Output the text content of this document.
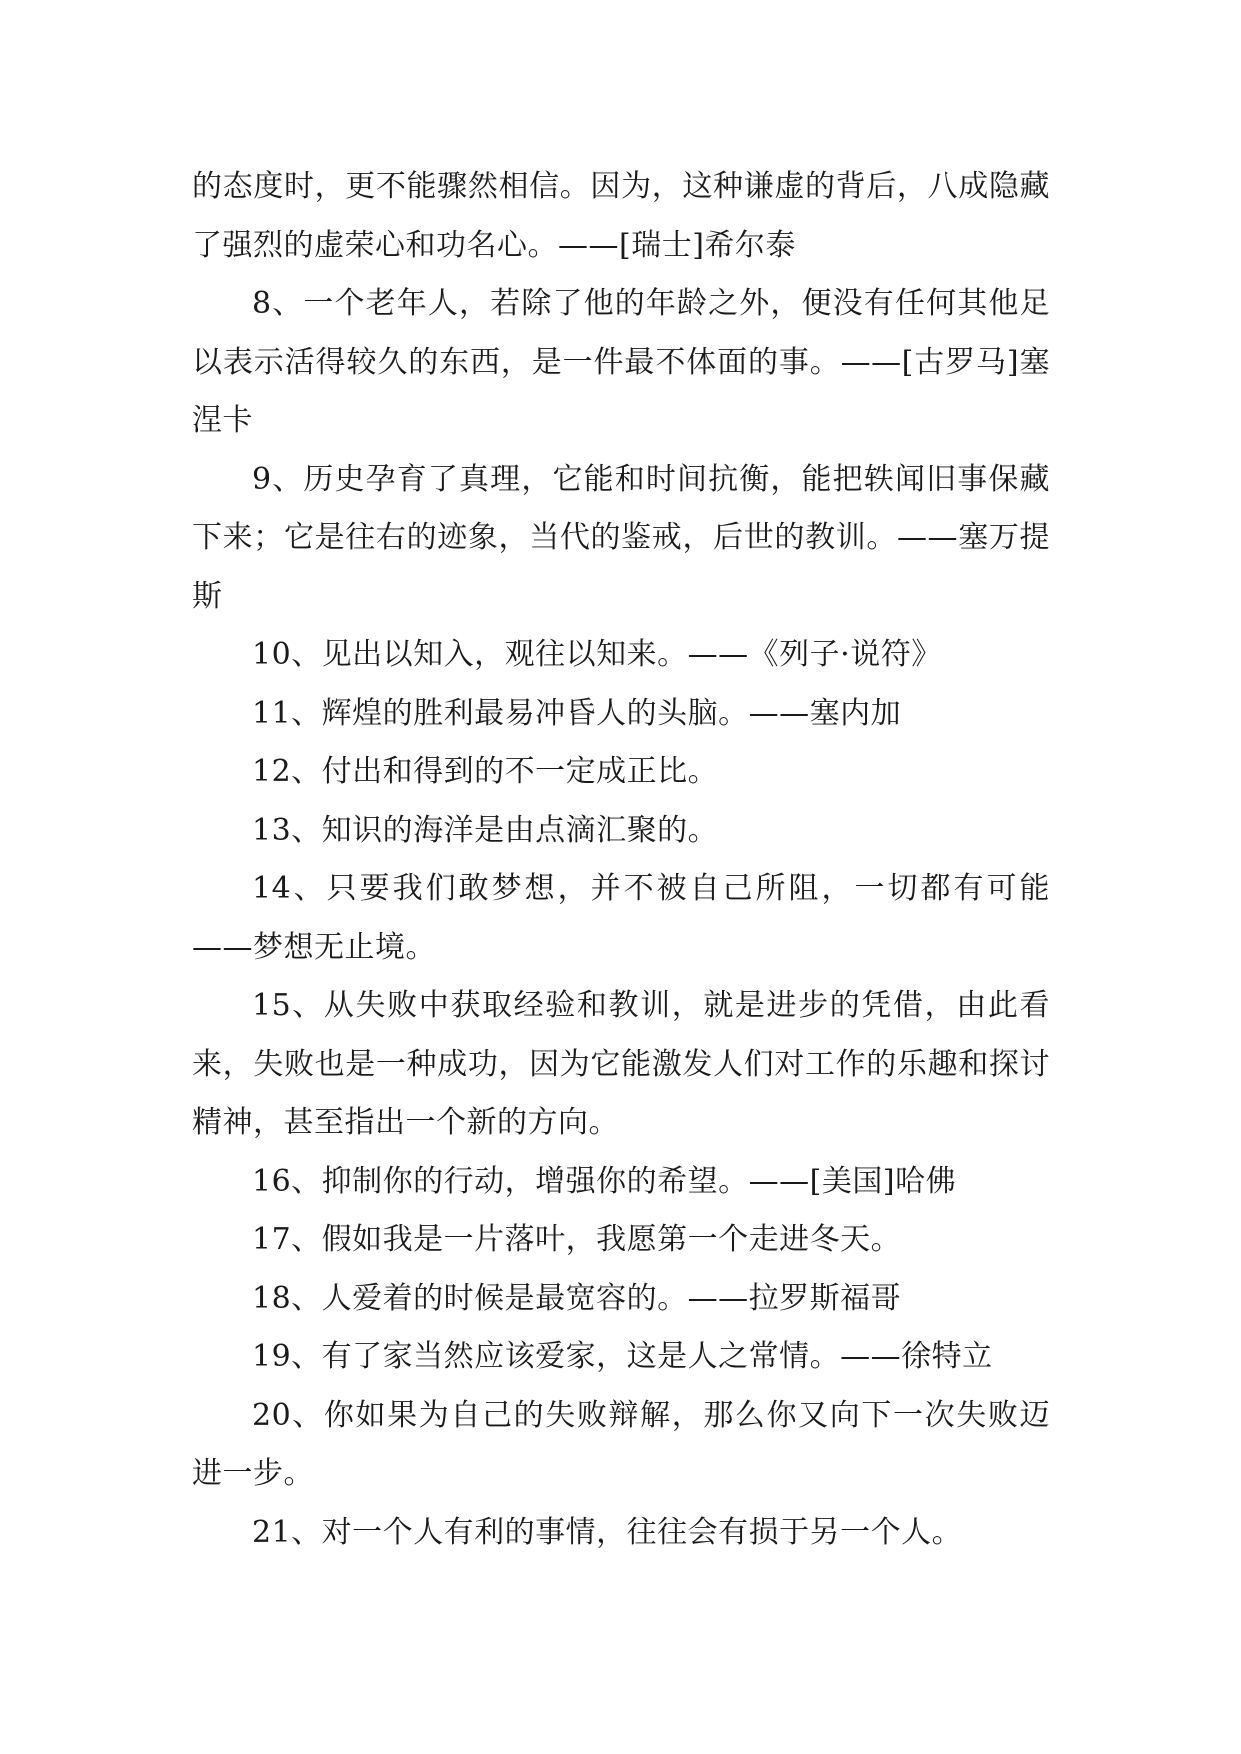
的态度时，更不能骤然相信。因为，这种谦虚的背后，八成隐藏了强烈的虚荣心和功名心。——[瑞士]希尔泰

8、一个老年人，若除了他的年龄之外，便没有任何其他足以表示活得较久的东西，是一件最不体面的事。——[古罗马]塞涅卡

9、历史孕育了真理，它能和时间抗衡，能把轶闻旧事保藏下来；它是往右的迹象，当代的鉴戒，后世的教训。——塞万提斯

10、见出以知入，观往以知来。——《列子·说符》

11、辉煌的胜利最易冲昏人的头脑。——塞内加

12、付出和得到的不一定成正比。

13、知识的海洋是由点滴汇聚的。

14、只要我们敢梦想，并不被自己所阻，一切都有可能——梦想无止境。

15、从失败中获取经验和教训，就是进步的凭借，由此看来，失败也是一种成功，因为它能激发人们对工作的乐趣和探讨精神，甚至指出一个新的方向。

16、抑制你的行动，增强你的希望。——[美国]哈佛

17、假如我是一片落叶，我愿第一个走进冬天。

18、人爱着的时候是最宽容的。——拉罗斯福哥

19、有了家当然应该爱家，这是人之常情。——徐特立

20、你如果为自己的失败辩解，那么你又向下一次失败迈进一步。

21、对一个人有利的事情，往往会有损于另一个人。
